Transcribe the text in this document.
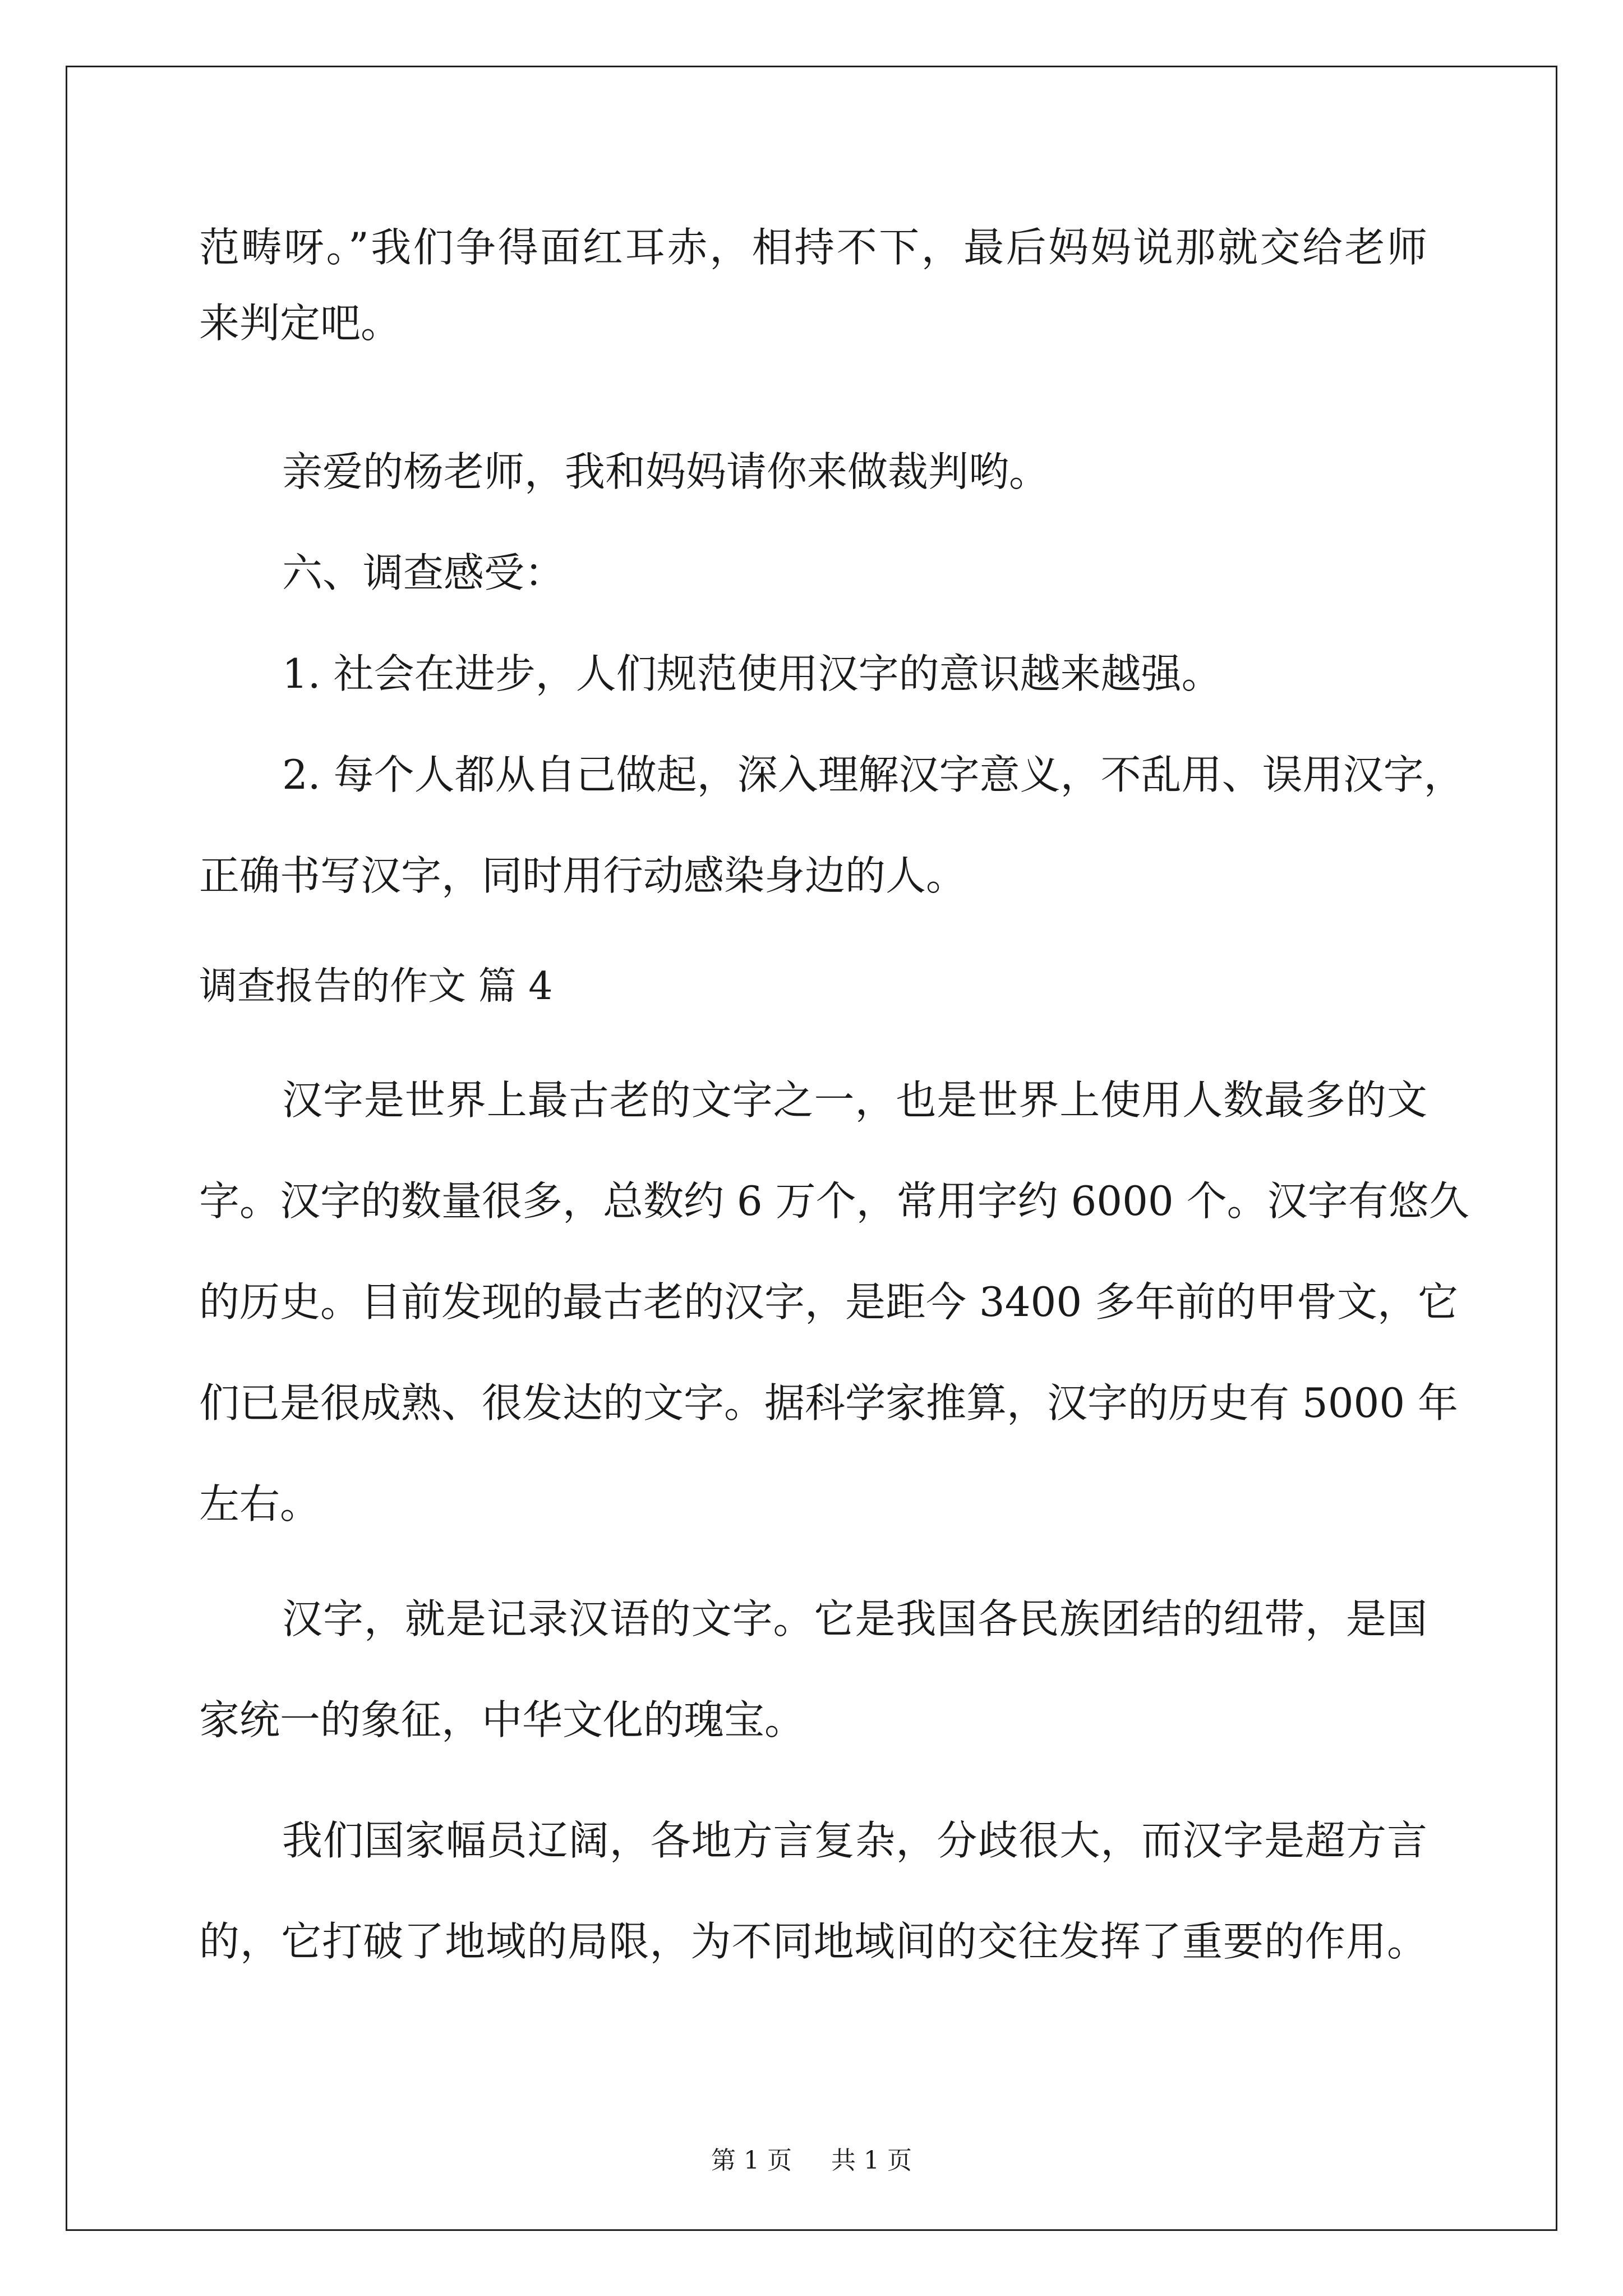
范畴呀。”我们争得面红耳赤，相持不下，最后妈妈说那就交给老师
来判定吧。
亲爱的杨老师，我和妈妈请你来做裁判哟。
六、调查感受：
1. 社会在进步，人们规范使用汉字的意识越来越强。
2. 每个人都从自己做起，深入理解汉字意义，不乱用、误用汉字，
正确书写汉字，同时用行动感染身边的人。
调查报告的作文 篇 4
汉字是世界上最古老的文字之一，也是世界上使用人数最多的文
字。汉字的数量很多，总数约 6 万个，常用字约 6000 个。汉字有悠久
的历史。目前发现的最古老的汉字，是距今 3400 多年前的甲骨文，它
们已是很成熟、很发达的文字。据科学家推算，汉字的历史有 5000 年
左右。
汉字，就是记录汉语的文字。它是我国各民族团结的纽带，是国
家统一的象征，中华文化的瑰宝。
我们国家幅员辽阔，各地方言复杂，分歧很大，而汉字是超方言
的，它打破了地域的局限，为不同地域间的交往发挥了重要的作用。
第 1 页 共 1 页
